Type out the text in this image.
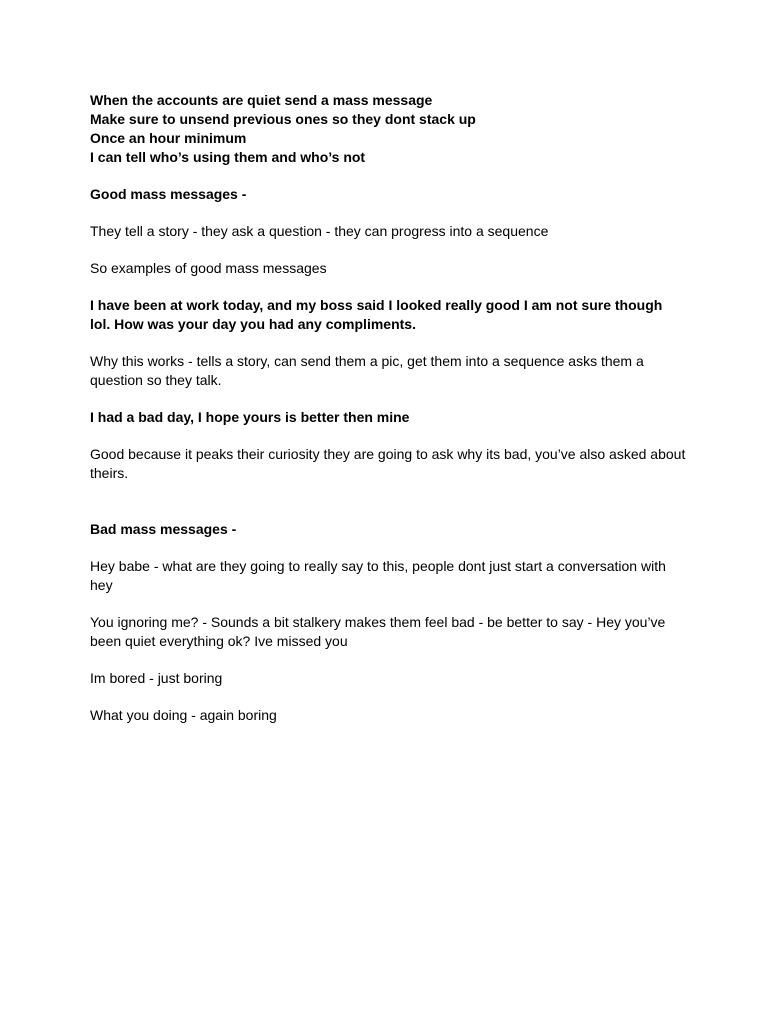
When the accounts are quiet send a mass message
Make sure to unsend previous ones so they dont stack up
Once an hour minimum
I can tell who’s using them and who’s not
Good mass messages -
They tell a story - they ask a question - they can progress into a sequence
So examples of good mass messages
I have been at work today, and my boss said I looked really good I am not sure though
lol. How was your day you had any compliments.
Why this works - tells a story, can send them a pic, get them into a sequence asks them a
question so they talk.
I had a bad day, I hope yours is better then mine
Good because it peaks their curiosity they are going to ask why its bad, you’ve also asked about
theirs.
Bad mass messages -
Hey babe - what are they going to really say to this, people dont just start a conversation with
hey
You ignoring me? - Sounds a bit stalkery makes them feel bad - be better to say - Hey you’ve
been quiet everything ok? Ive missed you
Im bored - just boring
What you doing - again boring
